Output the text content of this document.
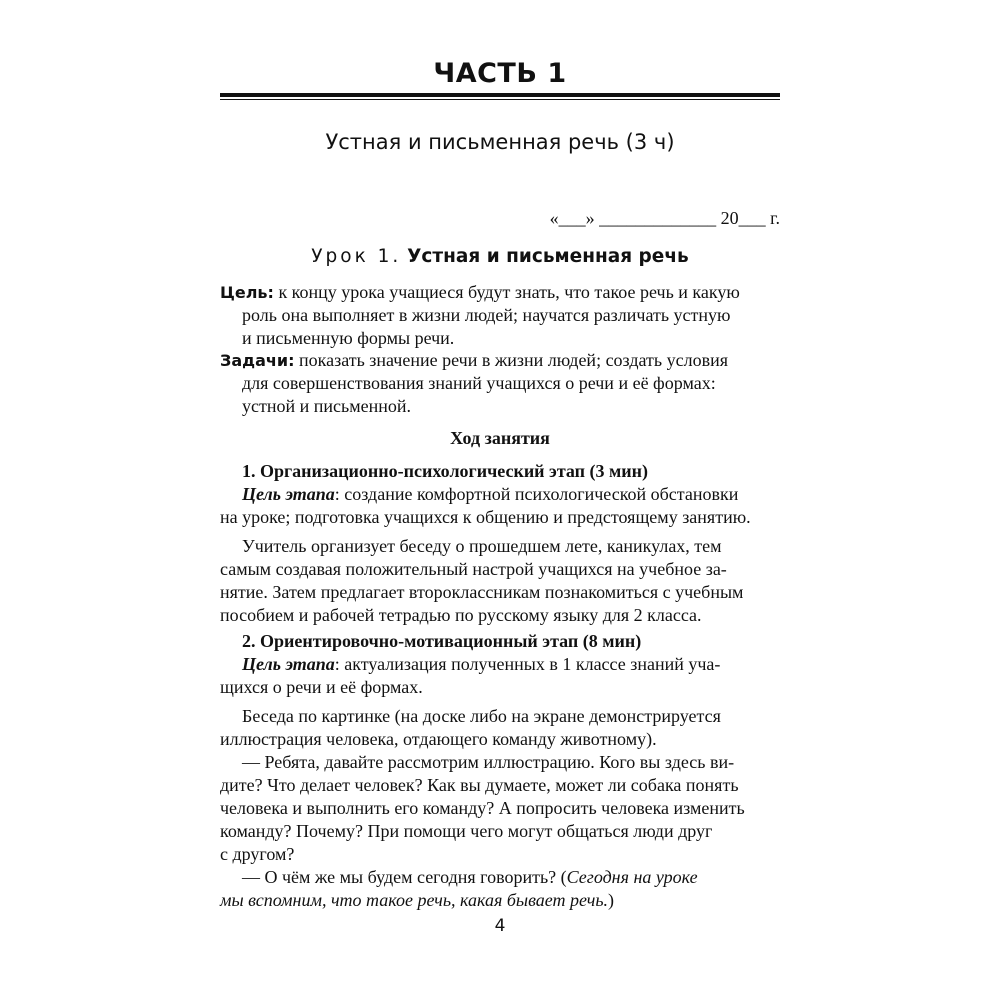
ЧАСТЬ 1
Устная и письменная речь (3 ч)
«___» _____________ 20___ г.
Урок 1. Устная и письменная речь
Цель: к концу урока учащиеся будут знать, что такое речь и какую
роль она выполняет в жизни людей; научатся различать устную
и письменную формы речи.
Задачи: показать значение речи в жизни людей; создать условия
для совершенствования знаний учащихся о речи и её формах:
устной и письменной.
Ход занятия
1. Организационно-психологический этап (3 мин)
Цель этапа: создание комфортной психологической обстановки
на уроке; подготовка учащихся к общению и предстоящему занятию.
Учитель организует беседу о прошедшем лете, каникулах, тем
самым создавая положительный настрой учащихся на учебное за-
нятие. Затем предлагает второклассникам познакомиться с учебным
пособием и рабочей тетрадью по русскому языку для 2 класса.
2. Ориентировочно-мотивационный этап (8 мин)
Цель этапа: актуализация полученных в 1 классе знаний уча-
щихся о речи и её формах.
Беседа по картинке (на доске либо на экране демонстрируется
иллюстрация человека, отдающего команду животному).
— Ребята, давайте рассмотрим иллюстрацию. Кого вы здесь ви-
дите? Что делает человек? Как вы думаете, может ли собака понять
человека и выполнить его команду? А попросить человека изменить
команду? Почему? При помощи чего могут общаться люди друг
с другом?
— О чём же мы будем сегодня говорить? (Сегодня на уроке
мы вспомним, что такое речь, какая бывает речь.)
4
